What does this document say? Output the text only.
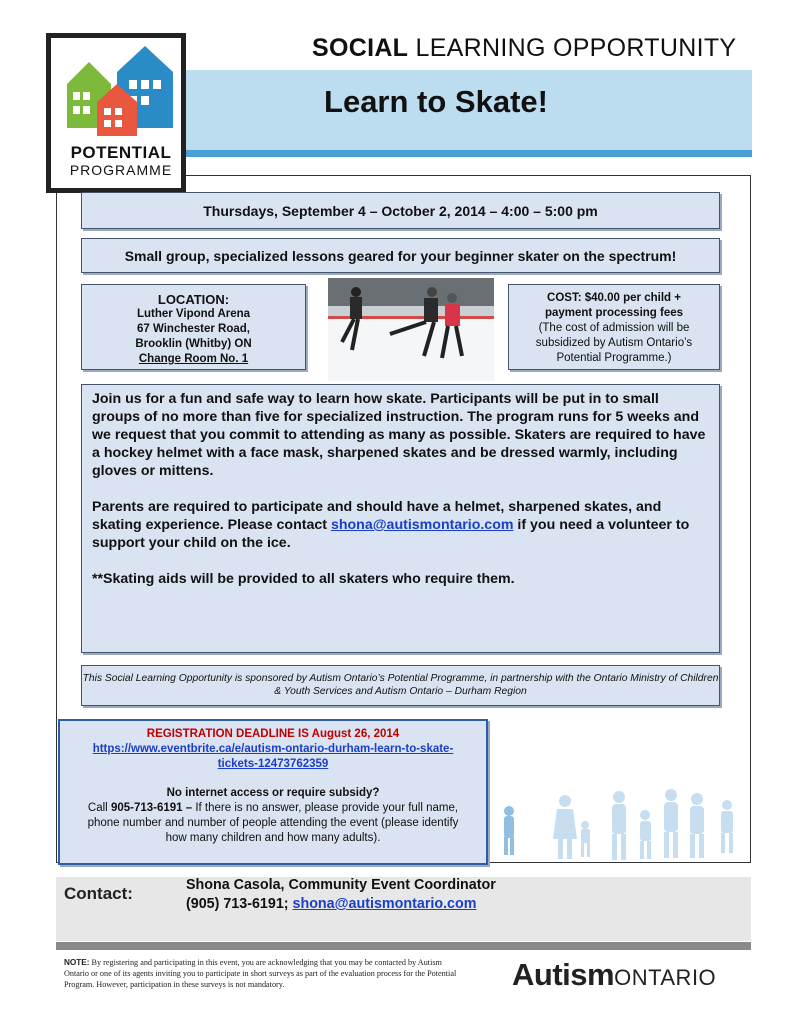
SOCIAL LEARNING OPPORTUNITY
Learn to Skate!
POTENTIAL
PROGRAMME
Thursdays, September 4 – October 2, 2014 – 4:00 – 5:00 pm
Small group, specialized lessons geared for your beginner skater on the spectrum!
LOCATION:
Luther Vipond Arena
67 Winchester Road,
Brooklin (Whitby) ON
Change Room No. 1
COST: $40.00 per child +
payment processing fees
(The cost of admission will be
subsidized by Autism Ontario’s
Potential Programme.)

Join us for a fun and safe way to learn how skate. Participants will be put in to small groups of no more than five for specialized instruction. The program runs for 5 weeks and we request that you commit to attending as many as possible. Skaters are required to have a hockey helmet with a face mask, sharpened skates and be dressed warmly, including gloves or mittens.

Parents are required to participate and should have a helmet, sharpened skates, and skating experience. Please contact shona@autismontario.com if you need a volunteer to support your child on the ice.

**Skating aids will be provided to all skaters who require them.

This Social Learning Opportunity is sponsored by Autism Ontario’s Potential Programme, in partnership with the Ontario Ministry of Children & Youth Services and Autism Ontario – Durham Region
REGISTRATION DEADLINE IS August 26, 2014
https://www.eventbrite.ca/e/autism-ontario-durham-learn-to-skate-
tickets-12473762359
No internet access or require subsidy?
Call 905-713-6191 – If there is no answer, please provide your full name, phone number and number of people attending the event (please identify how many children and how many adults).
Contact:	Shona Casola, Community Event Coordinator
(905) 713-6191; shona@autismontario.com
NOTE: By registering and participating in this event, you are acknowledging that you may be contacted by Autism Ontario or one of its agents inviting you to participate in short surveys as part of the evaluation process for the Potential Program. However, participation in these surveys is not mandatory.	AutismONTARIO
